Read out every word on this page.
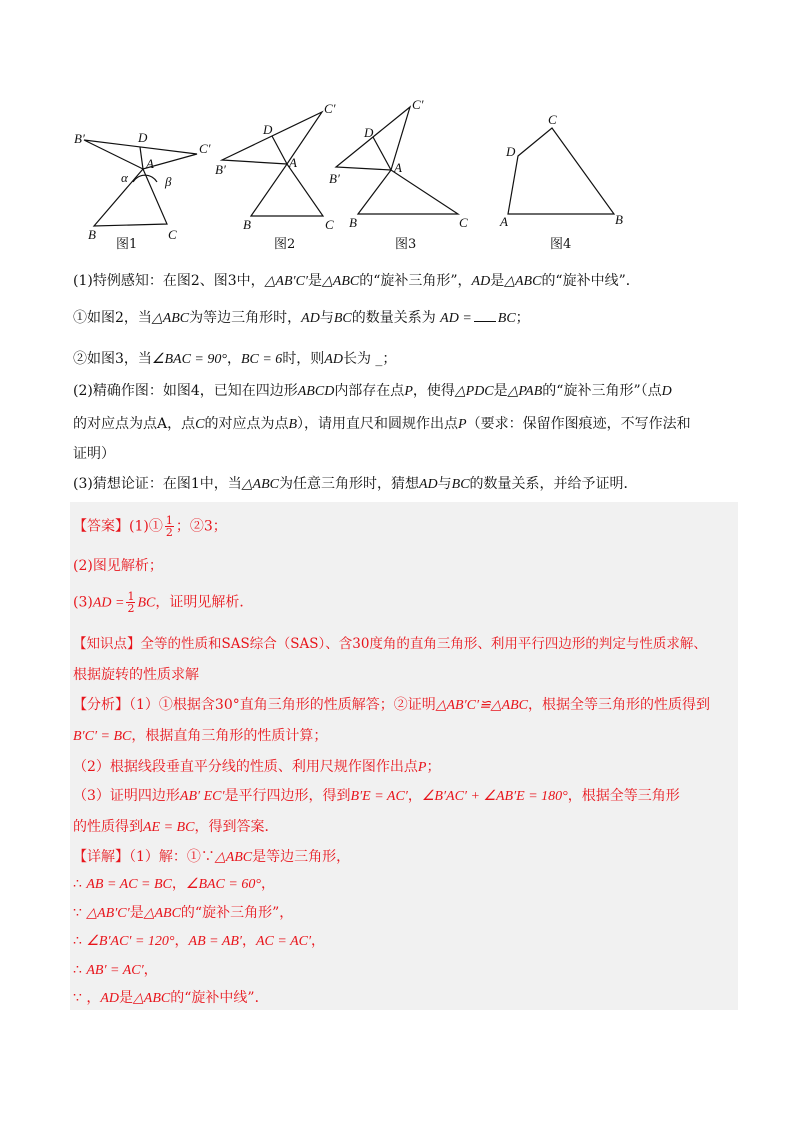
B′	D
C′
A
α	β
B	C
图1
C′
D
B′	A
B	C
图2
C′
D
B′
A
B	C
图3
C
D
A	B
图4
(1)特例感知：在图2、图3中，△AB′C′是△ABC的“旋补三角形”，AD是△ABC的“旋补中线”．
①如图2，当△ABC为等边三角形时，AD与BC的数量关系为 AD = BC；
②如图3，当∠BAC = 90°，BC = 6时，则AD长为 _；
(2)精确作图：如图4，已知在四边形ABCD内部存在点P，使得△PDC是△PAB的“旋补三角形”（点D
的对应点为点A，点C的对应点为点B），请用直尺和圆规作出点P（要求：保留作图痕迹，不写作法和
证明）
(3)猜想论证：在图1中，当△ABC为任意三角形时，猜想AD与BC的数量关系，并给予证明．
【答案】(1)① $\frac{1}{2}$ ；②3；
(2)图见解析；
$(3)AD = \frac{1}{2}$ BC，证明见解析．
【知识点】全等的性质和SAS综合（SAS）、含30度角的直角三角形、利用平行四边形的判定与性质求解、
根据旋转的性质求解
【分析】（1）①根据含30°直角三角形的性质解答；②证明△AB′C′≌△ABC，根据全等三角形的性质得到
B′C′ = BC，根据直角三角形的性质计算；
（2）根据线段垂直平分线的性质、利用尺规作图作出点P；
（3）证明四边形AB′ EC′是平行四边形，得到B′E = AC′，∠B′AC′ + ∠AB′E = 180°，根据全等三角形
的性质得到AE = BC，得到答案．
【详解】（1）解：①∵△ABC是等边三角形，
∴ AB = AC = BC，∠BAC = 60°，
∵ △AB′C′是△ABC的“旋补三角形”，
∴ ∠B′AC′ = 120°，AB = AB′，AC = AC′，
∴ AB′ = AC′，
∵ ，AD是△ABC的“旋补中线”．
